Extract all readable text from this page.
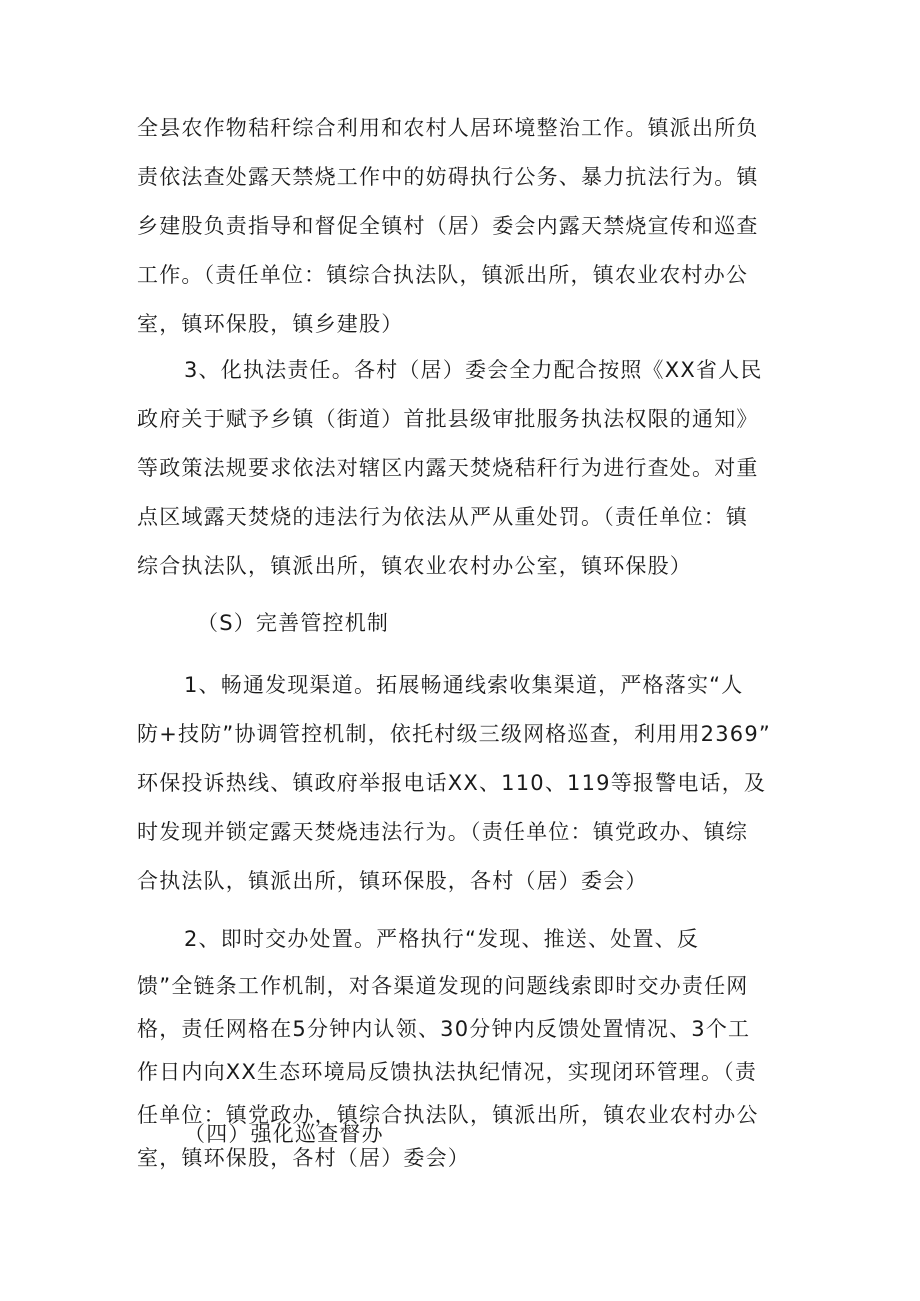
全县农作物秸秆综合利用和农村人居环境整治工作。镇派出所负
责依法查处露天禁烧工作中的妨碍执行公务、暴力抗法行为。镇
乡建股负责指导和督促全镇村（居）委会内露天禁烧宣传和巡查
工作。（责任单位：镇综合执法队，镇派出所，镇农业农村办公
室，镇环保股，镇乡建股）
3、化执法责任。各村（居）委会全力配合按照《XX省人民
政府关于赋予乡镇（街道）首批县级审批服务执法权限的通知》
等政策法规要求依法对辖区内露天焚烧秸秆行为进行查处。对重
点区域露天焚烧的违法行为依法从严从重处罚。（责任单位：镇
综合执法队，镇派出所，镇农业农村办公室，镇环保股）
（S）完善管控机制
1、畅通发现渠道。拓展畅通线索收集渠道，严格落实“人
防+技防”协调管控机制，依托村级三级网格巡查，利用用2369”
环保投诉热线、镇政府举报电话XX、110、119等报警电话，及
时发现并锁定露天焚烧违法行为。（责任单位：镇党政办、镇综
合执法队，镇派出所，镇环保股，各村（居）委会）
2、即时交办处置。严格执行“发现、推送、处置、反
馈”全链条工作机制，对各渠道发现的问题线索即时交办责任网
格，责任网格在5分钟内认领、30分钟内反馈处置情况、3个工
作日内向XX生态环境局反馈执法执纪情况，实现闭环管理。（责
任单位：镇党政办，镇综合执法队，镇派出所，镇农业农村办公
室，镇环保股，各村（居）委会）
（四）强化巡查督办
